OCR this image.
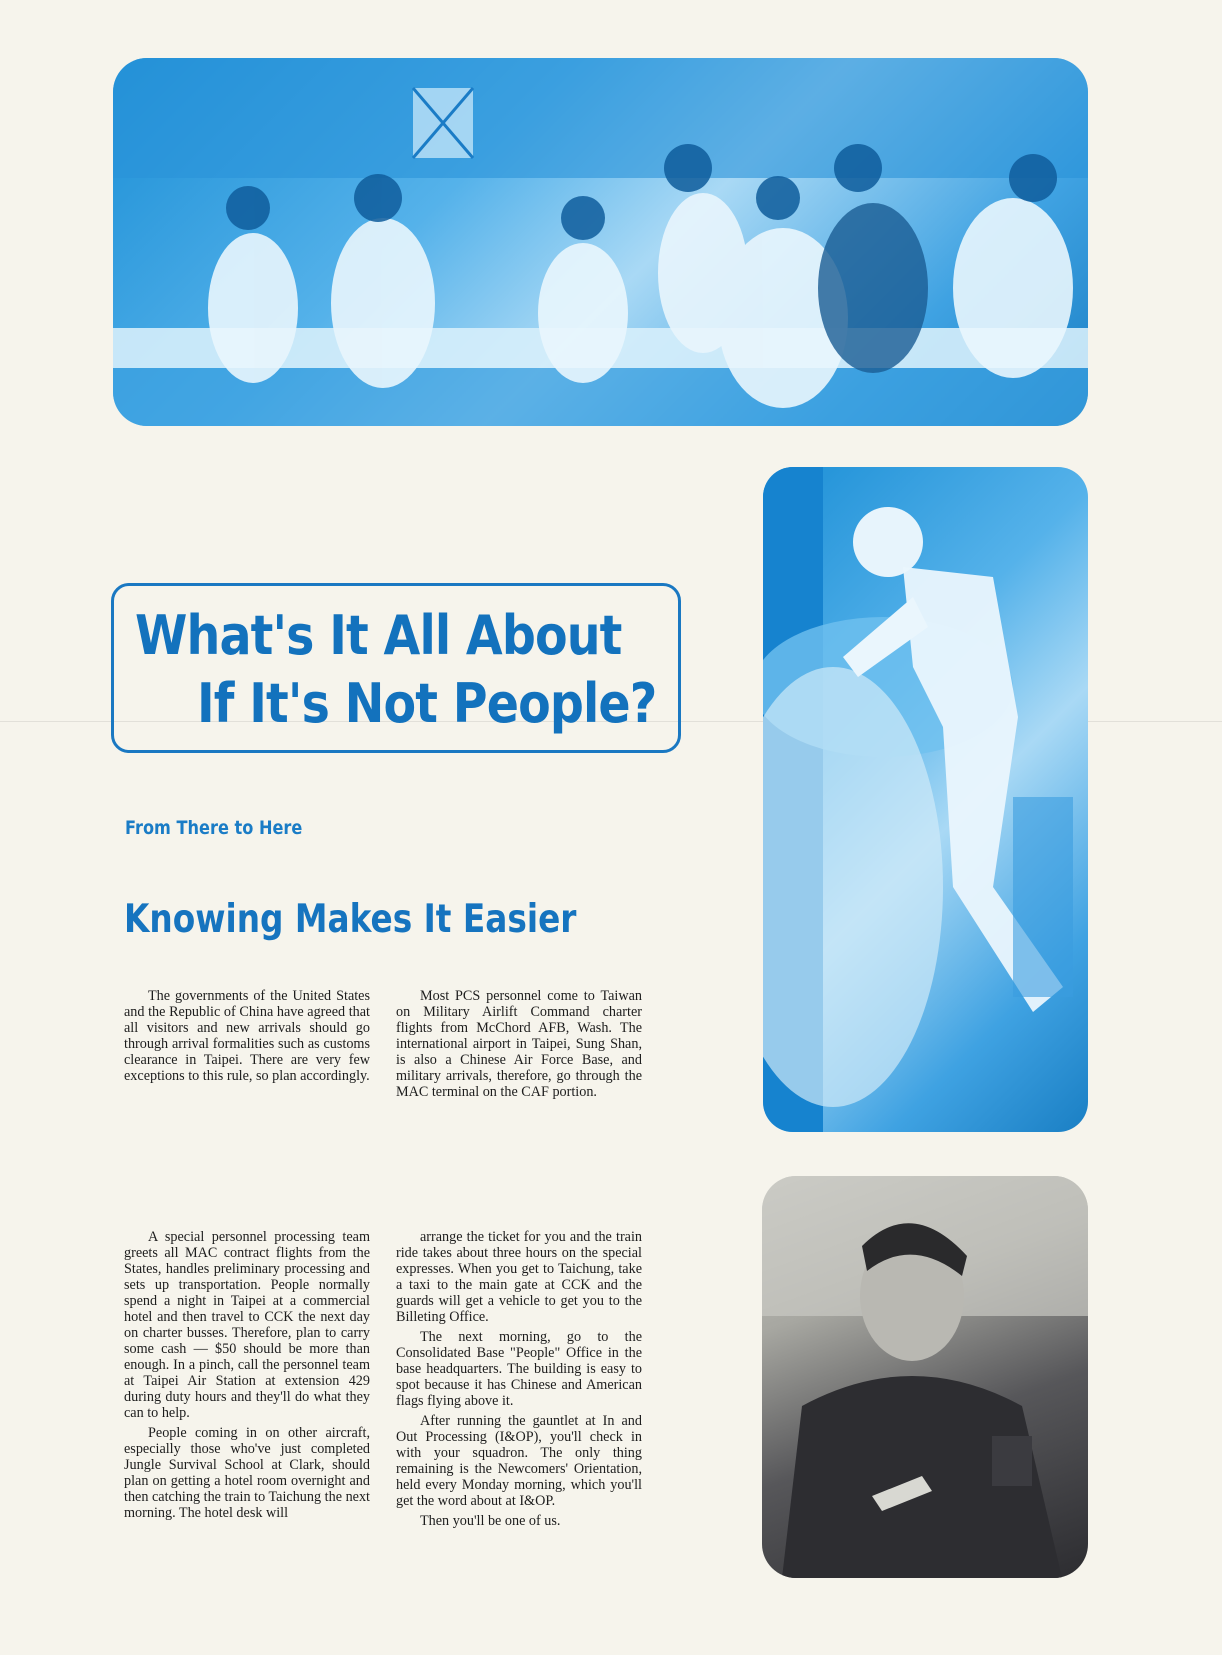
What's It All About
If It's Not People?
From There to Here
Knowing Makes It Easier

The governments of the United States and the Republic of China have agreed that all visitors and new arrivals should go through arrival formalities such as customs clearance in Taipei. There are very few exceptions to this rule, so plan accordingly.

Most PCS personnel come to Taiwan on Military Airlift Command charter flights from McChord AFB, Wash. The international airport in Taipei, Sung Shan, is also a Chinese Air Force Base, and military arrivals, therefore, go through the MAC terminal on the CAF portion.

A special personnel processing team greets all MAC contract flights from the States, handles preliminary processing and sets up transportation. People normally spend a night in Taipei at a commercial hotel and then travel to CCK the next day on charter busses. Therefore, plan to carry some cash — $50 should be more than enough. In a pinch, call the personnel team at Taipei Air Station at extension 429 during duty hours and they'll do what they can to help.

People coming in on other aircraft, especially those who've just completed Jungle Survival School at Clark, should plan on getting a hotel room overnight and then catching the train to Taichung the next morning. The hotel desk will

arrange the ticket for you and the train ride takes about three hours on the special expresses. When you get to Taichung, take a taxi to the main gate at CCK and the guards will get a vehicle to get you to the Billeting Office.

The next morning, go to the Consolidated Base "People" Office in the base headquarters. The building is easy to spot because it has Chinese and American flags flying above it.

After running the gauntlet at In and Out Processing (I&OP), you'll check in with your squadron. The only thing remaining is the Newcomers' Orientation, held every Monday morning, which you'll get the word about at I&OP.

Then you'll be one of us.
